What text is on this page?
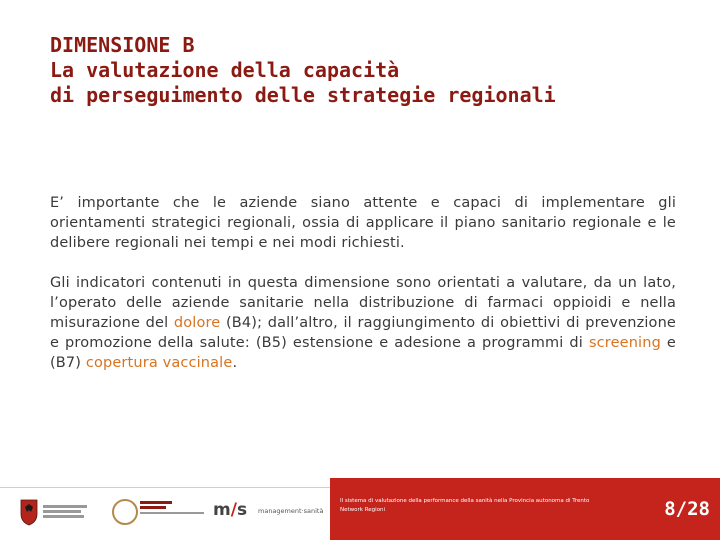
DIMENSIONE B
La valutazione della capacità
di perseguimento delle strategie regionali
E’ importante che le aziende siano attente e capaci di implementare gli orientamenti strategici regionali, ossia di applicare il piano sanitario regionale e le delibere regionali nei tempi e nei modi richiesti.
Gli indicatori contenuti in questa dimensione sono orientati a valutare, da un lato, l’operato delle aziende sanitarie nella distribuzione di farmaci oppioidi e nella misurazione del dolore (B4); dall’altro, il raggiungimento di obiettivi di prevenzione e promozione della salute: (B5) estensione e adesione a programmi di screening e (B7) copertura vaccinale.
m/s management·sanità
Il sistema di valutazione della performance della sanità nella Provincia autonoma di Trento
Network Regioni	8/28
